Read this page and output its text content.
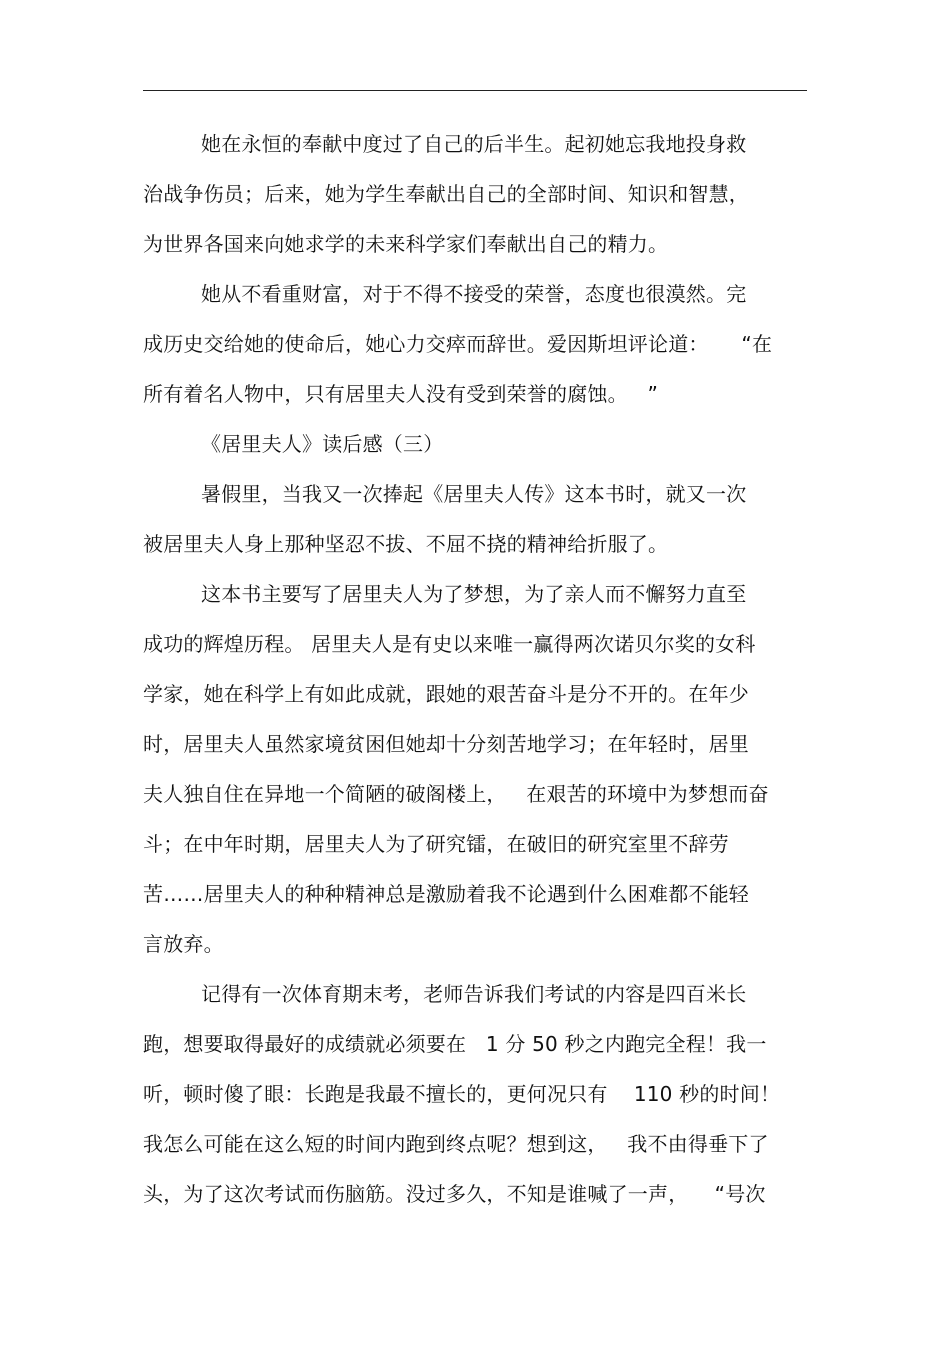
她在永恒的奉献中度过了自己的后半生。起初她忘我地投身救
治战争伤员；后来，她为学生奉献出自己的全部时间、知识和智慧，
为世界各国来向她求学的未来科学家们奉献出自己的精力。
她从不看重财富，对于不得不接受的荣誉，态度也很漠然。完
成历史交给她的使命后，她心力交瘁而辞世。爱因斯坦评论道：     “在
所有着名人物中，只有居里夫人没有受到荣誉的腐蚀。   ”
《居里夫人》读后感（三）
暑假里，当我又一次捧起《居里夫人传》这本书时，就又一次
被居里夫人身上那种坚忍不拔、不屈不挠的精神给折服了。
这本书主要写了居里夫人为了梦想，为了亲人而不懈努力直至
成功的辉煌历程。 居里夫人是有史以来唯一赢得两次诺贝尔奖的女科
学家，她在科学上有如此成就，跟她的艰苦奋斗是分不开的。在年少
时，居里夫人虽然家境贫困但她却十分刻苦地学习；在年轻时，居里
夫人独自住在异地一个简陋的破阁楼上，   在艰苦的环境中为梦想而奋
斗；在中年时期，居里夫人为了研究镭，在破旧的研究室里不辞劳
苦……居里夫人的种种精神总是激励着我不论遇到什么困难都不能轻
言放弃。
记得有一次体育期末考，老师告诉我们考试的内容是四百米长
跑，想要取得最好的成绩就必须要在   1 分 50 秒之内跑完全程！我一
听，顿时傻了眼：长跑是我最不擅长的，更何况只有    110 秒的时间！
我怎么可能在这么短的时间内跑到终点呢？想到这，   我不由得垂下了
头，为了这次考试而伤脑筋。没过多久，不知是谁喊了一声，    “号次
